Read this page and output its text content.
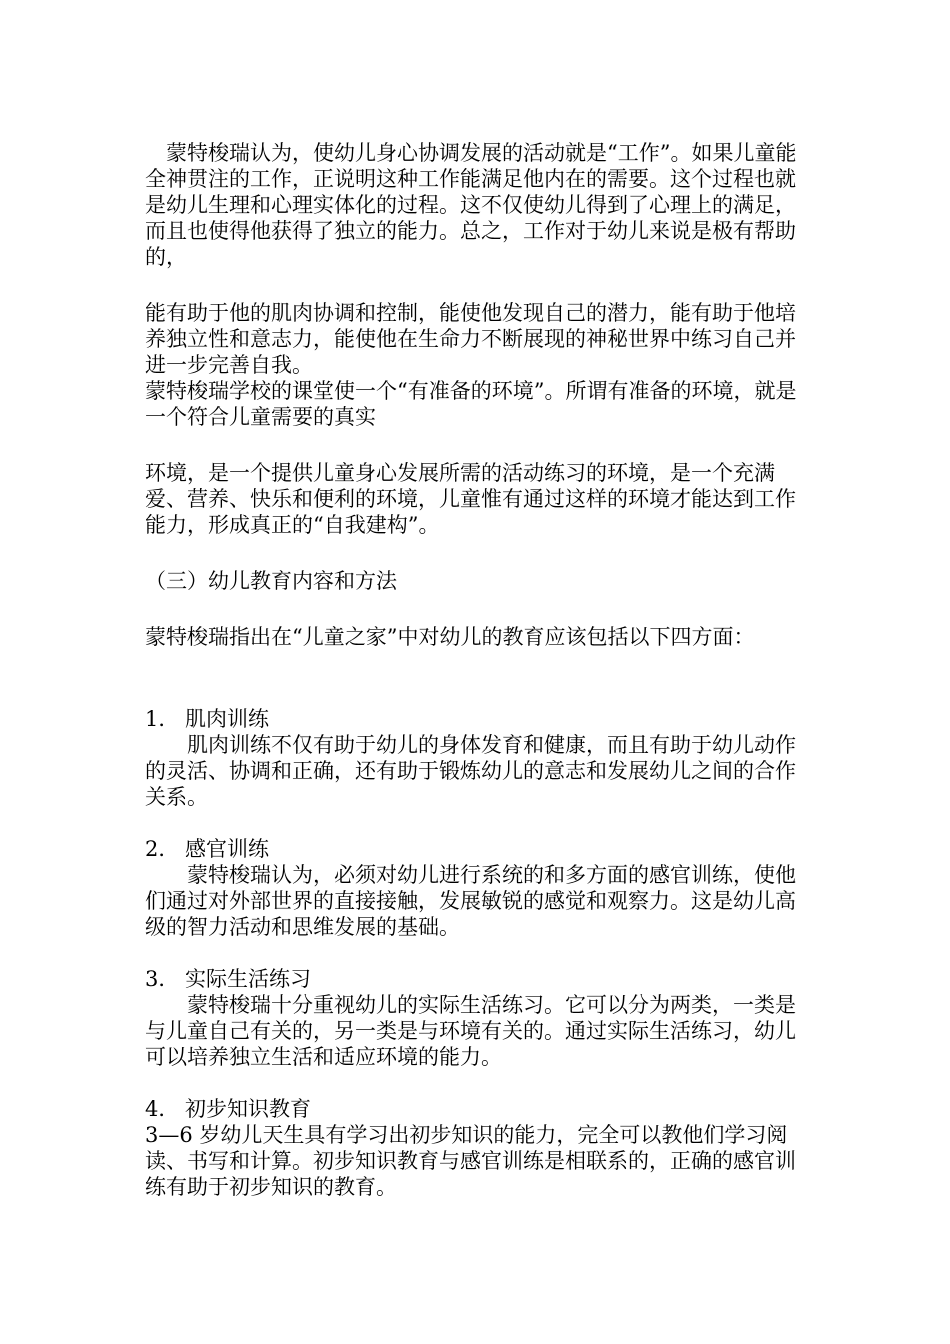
蒙特梭瑞认为，使幼儿身心协调发展的活动就是“工作”。如果儿童能全神贯注的工作，正说明这种工作能满足他内在的需要。这个过程也就是幼儿生理和心理实体化的过程。这不仅使幼儿得到了心理上的满足，而且也使得他获得了独立的能力。总之，工作对于幼儿来说是极有帮助的，

能有助于他的肌肉协调和控制，能使他发现自己的潜力，能有助于他培养独立性和意志力，能使他在生命力不断展现的神秘世界中练习自己并进一步完善自我。

蒙特梭瑞学校的课堂使一个“有准备的环境”。所谓有准备的环境，就是一个符合儿童需要的真实

环境，是一个提供儿童身心发展所需的活动练习的环境，是一个充满爱、营养、快乐和便利的环境，儿童惟有通过这样的环境才能达到工作能力，形成真正的“自我建构”。

（三）幼儿教育内容和方法

蒙特梭瑞指出在“儿童之家”中对幼儿的教育应该包括以下四方面：

1． 肌肉训练

肌肉训练不仅有助于幼儿的身体发育和健康，而且有助于幼儿动作的灵活、协调和正确，还有助于锻炼幼儿的意志和发展幼儿之间的合作关系。

2． 感官训练

蒙特梭瑞认为，必须对幼儿进行系统的和多方面的感官训练，使他们通过对外部世界的直接接触，发展敏锐的感觉和观察力。这是幼儿高级的智力活动和思维发展的基础。

3． 实际生活练习

蒙特梭瑞十分重视幼儿的实际生活练习。它可以分为两类，一类是与儿童自己有关的，另一类是与环境有关的。通过实际生活练习，幼儿可以培养独立生活和适应环境的能力。

4． 初步知识教育

3—6 岁幼儿天生具有学习出初步知识的能力，完全可以教他们学习阅读、书写和计算。初步知识教育与感官训练是相联系的，正确的感官训练有助于初步知识的教育。
